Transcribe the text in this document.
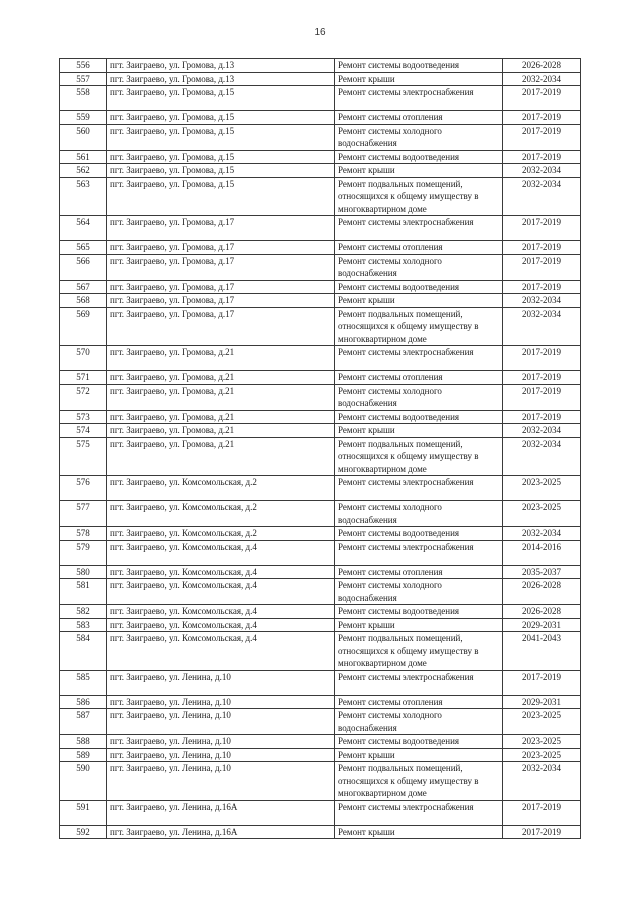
16
556	пгт. Заиграево, ул. Громова, д.13	Ремонт системы водоотведения	2026-2028
557	пгт. Заиграево, ул. Громова, д.13	Ремонт крыши	2032-2034
558	пгт. Заиграево, ул. Громова, д.15	Ремонт системы электроснабжения	2017-2019
559	пгт. Заиграево, ул. Громова, д.15	Ремонт системы отопления	2017-2019
560	пгт. Заиграево, ул. Громова, д.15	Ремонт системы холодного водоснабжения	2017-2019
561	пгт. Заиграево, ул. Громова, д.15	Ремонт системы водоотведения	2017-2019
562	пгт. Заиграево, ул. Громова, д.15	Ремонт крыши	2032-2034
563	пгт. Заиграево, ул. Громова, д.15	Ремонт подвальных помещений, относящихся к общему имуществу в многоквартирном доме	2032-2034
564	пгт. Заиграево, ул. Громова, д.17	Ремонт системы электроснабжения	2017-2019
565	пгт. Заиграево, ул. Громова, д.17	Ремонт системы отопления	2017-2019
566	пгт. Заиграево, ул. Громова, д.17	Ремонт системы холодного водоснабжения	2017-2019
567	пгт. Заиграево, ул. Громова, д.17	Ремонт системы водоотведения	2017-2019
568	пгт. Заиграево, ул. Громова, д.17	Ремонт крыши	2032-2034
569	пгт. Заиграево, ул. Громова, д.17	Ремонт подвальных помещений, относящихся к общему имуществу в многоквартирном доме	2032-2034
570	пгт. Заиграево, ул. Громова, д.21	Ремонт системы электроснабжения	2017-2019
571	пгт. Заиграево, ул. Громова, д.21	Ремонт системы отопления	2017-2019
572	пгт. Заиграево, ул. Громова, д.21	Ремонт системы холодного водоснабжения	2017-2019
573	пгт. Заиграево, ул. Громова, д.21	Ремонт системы водоотведения	2017-2019
574	пгт. Заиграево, ул. Громова, д.21	Ремонт крыши	2032-2034
575	пгт. Заиграево, ул. Громова, д.21	Ремонт подвальных помещений, относящихся к общему имуществу в многоквартирном доме	2032-2034
576	пгт. Заиграево, ул. Комсомольская, д.2	Ремонт системы электроснабжения	2023-2025
577	пгт. Заиграево, ул. Комсомольская, д.2	Ремонт системы холодного водоснабжения	2023-2025
578	пгт. Заиграево, ул. Комсомольская, д.2	Ремонт системы водоотведения	2032-2034
579	пгт. Заиграево, ул. Комсомольская, д.4	Ремонт системы электроснабжения	2014-2016
580	пгт. Заиграево, ул. Комсомольская, д.4	Ремонт системы отопления	2035-2037
581	пгт. Заиграево, ул. Комсомольская, д.4	Ремонт системы холодного водоснабжения	2026-2028
582	пгт. Заиграево, ул. Комсомольская, д.4	Ремонт системы водоотведения	2026-2028
583	пгт. Заиграево, ул. Комсомольская, д.4	Ремонт крыши	2029-2031
584	пгт. Заиграево, ул. Комсомольская, д.4	Ремонт подвальных помещений, относящихся к общему имуществу в многоквартирном доме	2041-2043
585	пгт. Заиграево, ул. Ленина, д.10	Ремонт системы электроснабжения	2017-2019
586	пгт. Заиграево, ул. Ленина, д.10	Ремонт системы отопления	2029-2031
587	пгт. Заиграево, ул. Ленина, д.10	Ремонт системы холодного водоснабжения	2023-2025
588	пгт. Заиграево, ул. Ленина, д.10	Ремонт системы водоотведения	2023-2025
589	пгт. Заиграево, ул. Ленина, д.10	Ремонт крыши	2023-2025
590	пгт. Заиграево, ул. Ленина, д.10	Ремонт подвальных помещений, относящихся к общему имуществу в многоквартирном доме	2032-2034
591	пгт. Заиграево, ул. Ленина, д.16А	Ремонт системы электроснабжения	2017-2019
592	пгт. Заиграево, ул. Ленина, д.16А	Ремонт крыши	2017-2019
